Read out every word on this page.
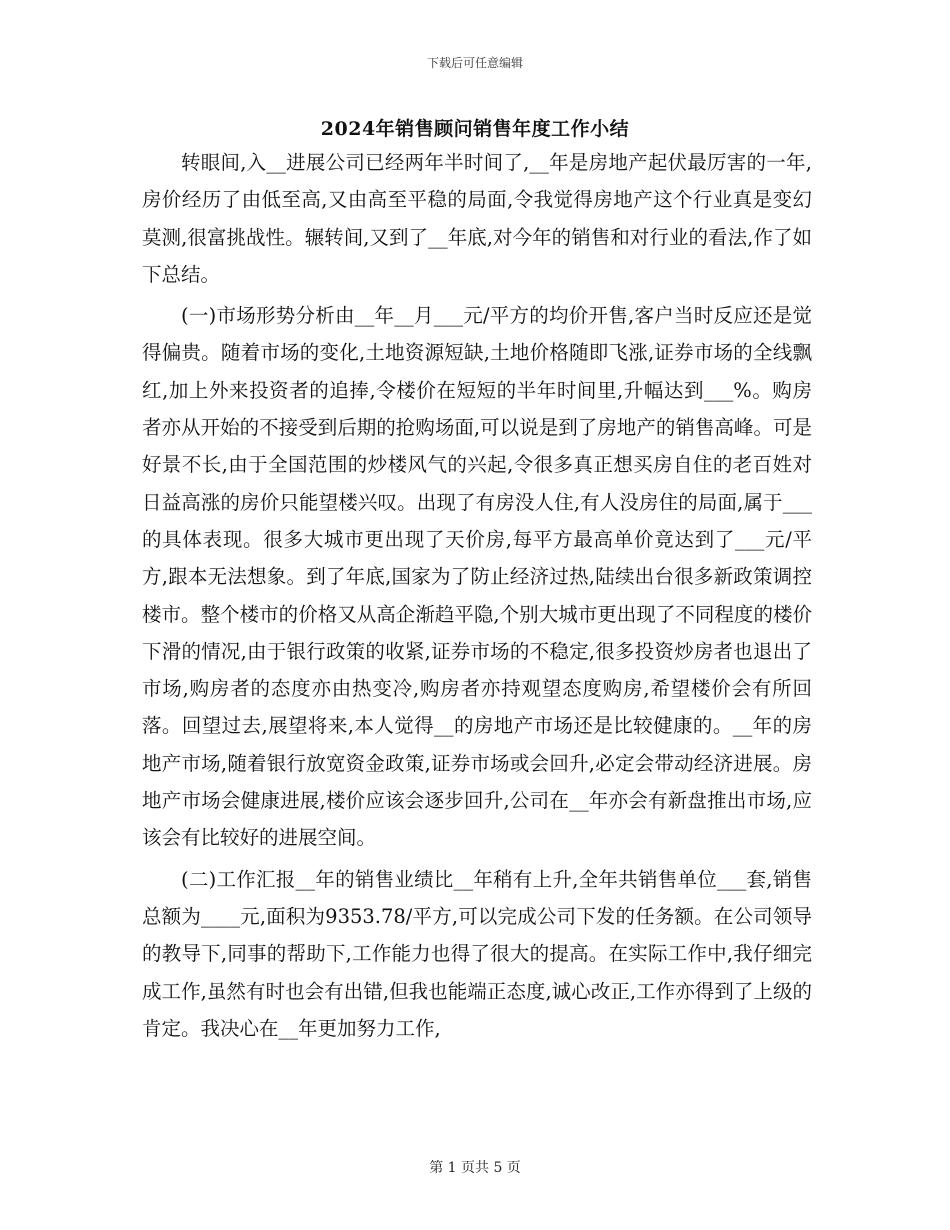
下载后可任意编辑
2024年销售顾问销售年度工作小结

转眼间,入__进展公司已经两年半时间了,__年是房地产起伏最厉害的一年,房价经历了由低至高,又由高至平稳的局面,令我觉得房地产这个行业真是变幻莫测,很富挑战性。辗转间,又到了__年底,对今年的销售和对行业的看法,作了如下总结。

(一)市场形势分析由__年__月___元/平方的均价开售,客户当时反应还是觉得偏贵。随着市场的变化,土地资源短缺,土地价格随即飞涨,证券市场的全线飘红,加上外来投资者的追捧,令楼价在短短的半年时间里,升幅达到___%。购房者亦从开始的不接受到后期的抢购场面,可以说是到了房地产的销售高峰。可是好景不长,由于全国范围的炒楼风气的兴起,令很多真正想买房自住的老百姓对日益高涨的房价只能望楼兴叹。出现了有房没人住,有人没房住的局面,属于___的具体表现。很多大城市更出现了天价房,每平方最高单价竟达到了___元/平方,跟本无法想象。到了年底,国家为了防止经济过热,陆续出台很多新政策调控楼市。整个楼市的价格又从高企渐趋平隐,个别大城市更出现了不同程度的楼价下滑的情况,由于银行政策的收紧,证券市场的不稳定,很多投资炒房者也退出了市场,购房者的态度亦由热变冷,购房者亦持观望态度购房,希望楼价会有所回落。回望过去,展望将来,本人觉得__的房地产市场还是比较健康的。__年的房地产市场,随着银行放宽资金政策,证券市场或会回升,必定会带动经济进展。房地产市场会健康进展,楼价应该会逐步回升,公司在__年亦会有新盘推出市场,应该会有比较好的进展空间。

(二)工作汇报__年的销售业绩比__年稍有上升,全年共销售单位___套,销售总额为____元,面积为9353.78/平方,可以完成公司下发的任务额。在公司领导的教导下,同事的帮助下,工作能力也得了很大的提高。在实际工作中,我仔细完成工作,虽然有时也会有出错,但我也能端正态度,诚心改正,工作亦得到了上级的肯定。我决心在__年更加努力工作,

第 1 页共 5 页
